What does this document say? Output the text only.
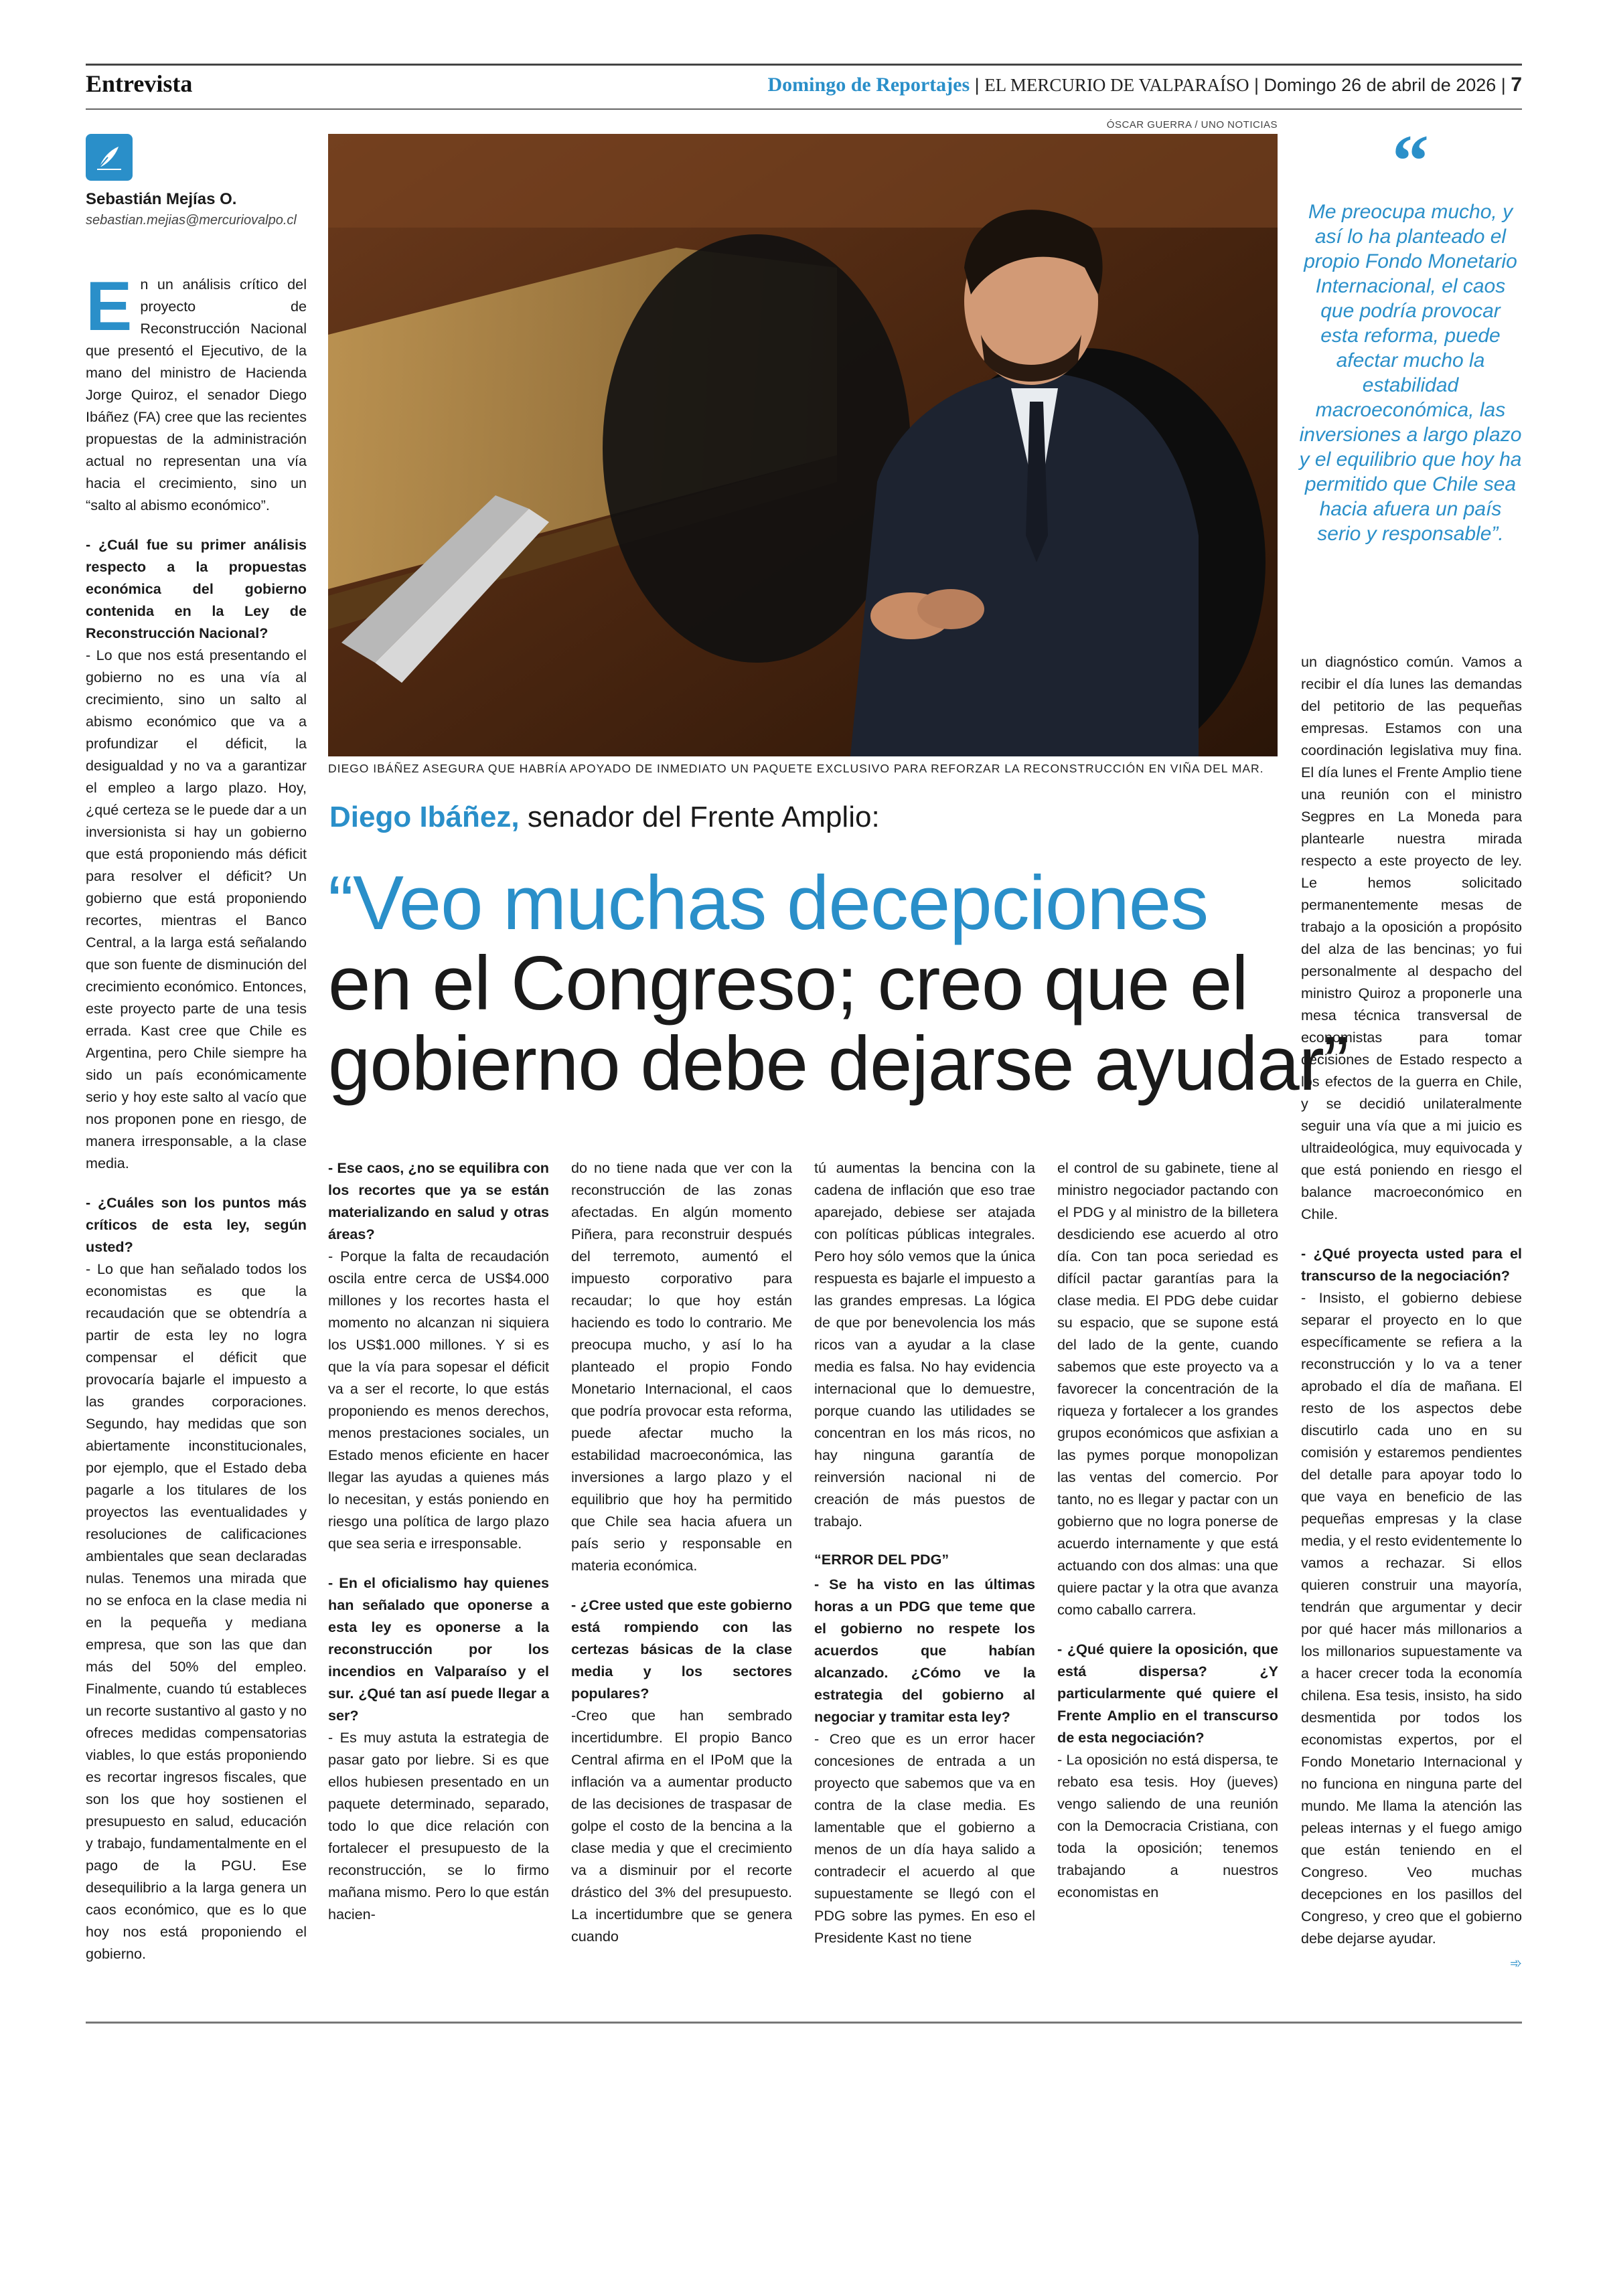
Entrevista	Domingo de Reportajes | EL MERCURIO DE VALPARAÍSO | Domingo 26 de abril de 2026 | 7
Sebastián Mejías O.
sebastian.mejias@mercuriovalpo.cl

E n un análisis crítico del proyecto de Reconstrucción Nacional que presentó el Ejecutivo, de la mano del ministro de Hacienda Jorge Quiroz, el senador Diego Ibáñez (FA) cree que las recientes propuestas de la administración actual no representan una vía hacia el crecimiento, sino un “salto al abismo económico”.

- ¿Cuál fue su primer análisis respecto a la propuestas económica del gobierno contenida en la Ley de Reconstrucción Nacional?

- Lo que nos está presentando el gobierno no es una vía al crecimiento, sino un salto al abismo económico que va a profundizar el déficit, la desigualdad y no va a garantizar el empleo a largo plazo. Hoy, ¿qué certeza se le puede dar a un inversionista si hay un gobierno que está proponiendo más déficit para resolver el déficit? Un gobierno que está proponiendo recortes, mientras el Banco Central, a la larga está señalando que son fuente de disminución del crecimiento económico. Entonces, este proyecto parte de una tesis errada. Kast cree que Chile es Argentina, pero Chile siempre ha sido un país económicamente serio y hoy este salto al vacío que nos proponen pone en riesgo, de manera irresponsable, a la clase media.

- ¿Cuáles son los puntos más críticos de esta ley, según usted?

- Lo que han señalado todos los economistas es que la recaudación que se obtendría a partir de esta ley no logra compensar el déficit que provocaría bajarle el impuesto a las grandes corporaciones. Segundo, hay medidas que son abiertamente inconstitucionales, por ejemplo, que el Estado deba pagarle a los titulares de los proyectos las eventualidades y resoluciones de calificaciones ambientales que sean declaradas nulas. Tenemos una mirada que no se enfoca en la clase media ni en la pequeña y mediana empresa, que son las que dan más del 50% del empleo. Finalmente, cuando tú estableces un recorte sustantivo al gasto y no ofreces medidas compensatorias viables, lo que estás proponiendo es recortar ingresos fiscales, que son los que hoy sostienen el presupuesto en salud, educación y trabajo, fundamentalmente en el pago de la PGU. Ese desequilibrio a la larga genera un caos económico, que es lo que hoy nos está proponiendo el gobierno.

ÓSCAR GUERRA / UNO NOTICIAS
DIEGO IBÁÑEZ ASEGURA QUE HABRÍA APOYADO DE INMEDIATO UN PAQUETE EXCLUSIVO PARA REFORZAR LA RECONSTRUCCIÓN EN VIÑA DEL MAR.
“
Me preocupa mucho, y así lo ha planteado el propio Fondo Monetario Internacional, el caos que podría provocar esta reforma, puede afectar mucho la estabilidad macroeconómica, las inversiones a largo plazo y el equilibrio que hoy ha permitido que Chile sea hacia afuera un país serio y responsable”.
Diego Ibáñez, senador del Frente Amplio:
“Veo muchas decepciones
en el Congreso; creo que el
gobierno debe dejarse ayudar”

- Ese caos, ¿no se equilibra con los recortes que ya se están materializando en salud y otras áreas?

- Porque la falta de recaudación oscila entre cerca de US$4.000 millones y los recortes hasta el momento no alcanzan ni siquiera los US$1.000 millones. Y si es que la vía para sopesar el déficit va a ser el recorte, lo que estás proponiendo es menos derechos, menos prestaciones sociales, un Estado menos eficiente en hacer llegar las ayudas a quienes más lo necesitan, y estás poniendo en riesgo una política de largo plazo que sea seria e irresponsable.

- En el oficialismo hay quienes han señalado que oponerse a esta ley es oponerse a la reconstrucción por los incendios en Valparaíso y el sur. ¿Qué tan así puede llegar a ser?

- Es muy astuta la estrategia de pasar gato por liebre. Si es que ellos hubiesen presentado en un paquete determinado, separado, todo lo que dice relación con fortalecer el presupuesto de la reconstrucción, se lo firmo mañana mismo. Pero lo que están hacien-

do no tiene nada que ver con la reconstrucción de las zonas afectadas. En algún momento Piñera, para reconstruir después del terremoto, aumentó el impuesto corporativo para recaudar; lo que hoy están haciendo es todo lo contrario. Me preocupa mucho, y así lo ha planteado el propio Fondo Monetario Internacional, el caos que podría provocar esta reforma, puede afectar mucho la estabilidad macroeconómica, las inversiones a largo plazo y el equilibrio que hoy ha permitido que Chile sea hacia afuera un país serio y responsable en materia económica.

- ¿Cree usted que este gobierno está rompiendo con las certezas básicas de la clase media y los sectores populares?

-Creo que han sembrado incertidumbre. El propio Banco Central afirma en el IPoM que la inflación va a aumentar producto de las decisiones de traspasar de golpe el costo de la bencina a la clase media y que el crecimiento va a disminuir por el recorte drástico del 3% del presupuesto. La incertidumbre que se genera cuando

tú aumentas la bencina con la cadena de inflación que eso trae aparejado, debiese ser atajada con políticas públicas integrales. Pero hoy sólo vemos que la única respuesta es bajarle el impuesto a las grandes empresas. La lógica de que por benevolencia los más ricos van a ayudar a la clase media es falsa. No hay evidencia internacional que lo demuestre, porque cuando las utilidades se concentran en los más ricos, no hay ninguna garantía de reinversión nacional ni de creación de más puestos de trabajo.

“ERROR DEL PDG”

- Se ha visto en las últimas horas a un PDG que teme que el gobierno no respete los acuerdos que habían alcanzado. ¿Cómo ve la estrategia del gobierno al negociar y tramitar esta ley?

- Creo que es un error hacer concesiones de entrada a un proyecto que sabemos que va en contra de la clase media. Es lamentable que el gobierno a menos de un día haya salido a contradecir el acuerdo al que supuestamente se llegó con el PDG sobre las pymes. En eso el Presidente Kast no tiene

el control de su gabinete, tiene al ministro negociador pactando con el PDG y al ministro de la billetera desdiciendo ese acuerdo al otro día. Con tan poca seriedad es difícil pactar garantías para la clase media. El PDG debe cuidar su espacio, que se supone está del lado de la gente, cuando sabemos que este proyecto va a favorecer la concentración de la riqueza y fortalecer a los grandes grupos económicos que asfixian a las pymes porque monopolizan las ventas del comercio. Por tanto, no es llegar y pactar con un gobierno que no logra ponerse de acuerdo internamente y que está actuando con dos almas: una que quiere pactar y la otra que avanza como caballo carrera.

- ¿Qué quiere la oposición, que está dispersa? ¿Y particularmente qué quiere el Frente Amplio en el transcurso de esta negociación?

- La oposición no está dispersa, te rebato esa tesis. Hoy (jueves) vengo saliendo de una reunión con la Democracia Cristiana, con toda la oposición; tenemos trabajando a nuestros economistas en

un diagnóstico común. Vamos a recibir el día lunes las demandas del petitorio de las pequeñas empresas. Estamos con una coordinación legislativa muy fina. El día lunes el Frente Amplio tiene una reunión con el ministro Segpres en La Moneda para plantearle nuestra mirada respecto a este proyecto de ley. Le hemos solicitado permanentemente mesas de trabajo a la oposición a propósito del alza de las bencinas; yo fui personalmente al despacho del ministro Quiroz a proponerle una mesa técnica transversal de economistas para tomar decisiones de Estado respecto a los efectos de la guerra en Chile, y se decidió unilateralmente seguir una vía que a mi juicio es ultraideológica, muy equivocada y que está poniendo en riesgo el balance macroeconómico en Chile.

- ¿Qué proyecta usted para el transcurso de la negociación?

- Insisto, el gobierno debiese separar el proyecto en lo que específicamente se refiera a la reconstrucción y lo va a tener aprobado el día de mañana. El resto de los aspectos debe discutirlo cada uno en su comisión y estaremos pendientes del detalle para apoyar todo lo que vaya en beneficio de las pequeñas empresas y la clase media, y el resto evidentemente lo vamos a rechazar. Si ellos quieren construir una mayoría, tendrán que argumentar y decir por qué hacer más millonarios a los millonarios supuestamente va a hacer crecer toda la economía chilena. Esa tesis, insisto, ha sido desmentida por todos los economistas expertos, por el Fondo Monetario Internacional y no funciona en ninguna parte del mundo. Me llama la atención las peleas internas y el fuego amigo que están teniendo en el Congreso. Veo muchas decepciones en los pasillos del Congreso, y creo que el gobierno debe dejarse ayudar.

➾
